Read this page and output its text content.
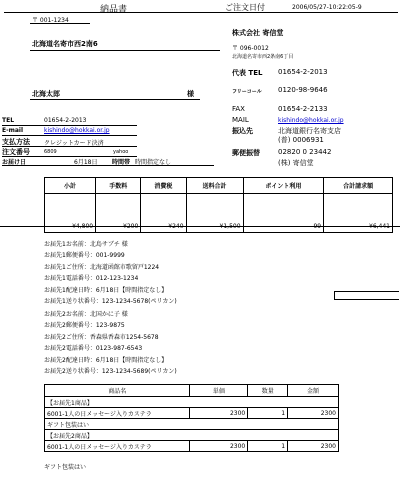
納品書	ご注文日付	2006/05/27-10:22:05-9
〒 001-1234
北海道名寄市西2南6
北海太郎	様
株式会社 寄信堂
〒 096-0012
北海道名寄市西2条南6丁目
代表 TEL 01654-2-2013
フリーコール 0120-98-9646
FAX	01654-2-2133
MAIL	kishindo@hokkai.or.jp
振込先	北海道銀行名寄支店
(普) 0006931
郵便振替	02820 0 23442
(株) 寄信堂
TEL	01654-2-2013
E-mail	kishindo@hokkai.or.jp
支払方法 クレジットカード決済
注文番号	6809	yahoo
お届け日	6月18日 時間帯 時間指定なし
小計	手数料	消費税	送料合計	ポイント利用	合計請求額
¥4,800	¥200	¥240	¥1,500	-99	¥6,441
お届先1お名前：北島サブチ 様
お届先1郵便番号：001-9999
お届先1ご住所：北海道函館市歌留戸1224
お届先1電話番号：012-123-1234
お届先1配達日時：6月18日【時間指定なし】
お届先1送り状番号：123-1234-5678(ペリカン)
お届先2お名前：北国かに子 様
お届先2郵便番号：123-9875
お届先2ご住所：香森県香森市1254-5678
お届先2電話番号：0123-987-6543
お届先2配達日時：6月18日【時間指定なし】
お届先2送り状番号：123-1234-5689(ペリカン)
商品名	単価	数量	金額
【お届先1商品】			
6001-1人の日メッセージ入りカステラ	2300	1	2300
ギフト包装はい			
【お届先2商品】			
6001-1人の日メッセージ入りカステラ	2300	1	2300
ギフト包装はい
